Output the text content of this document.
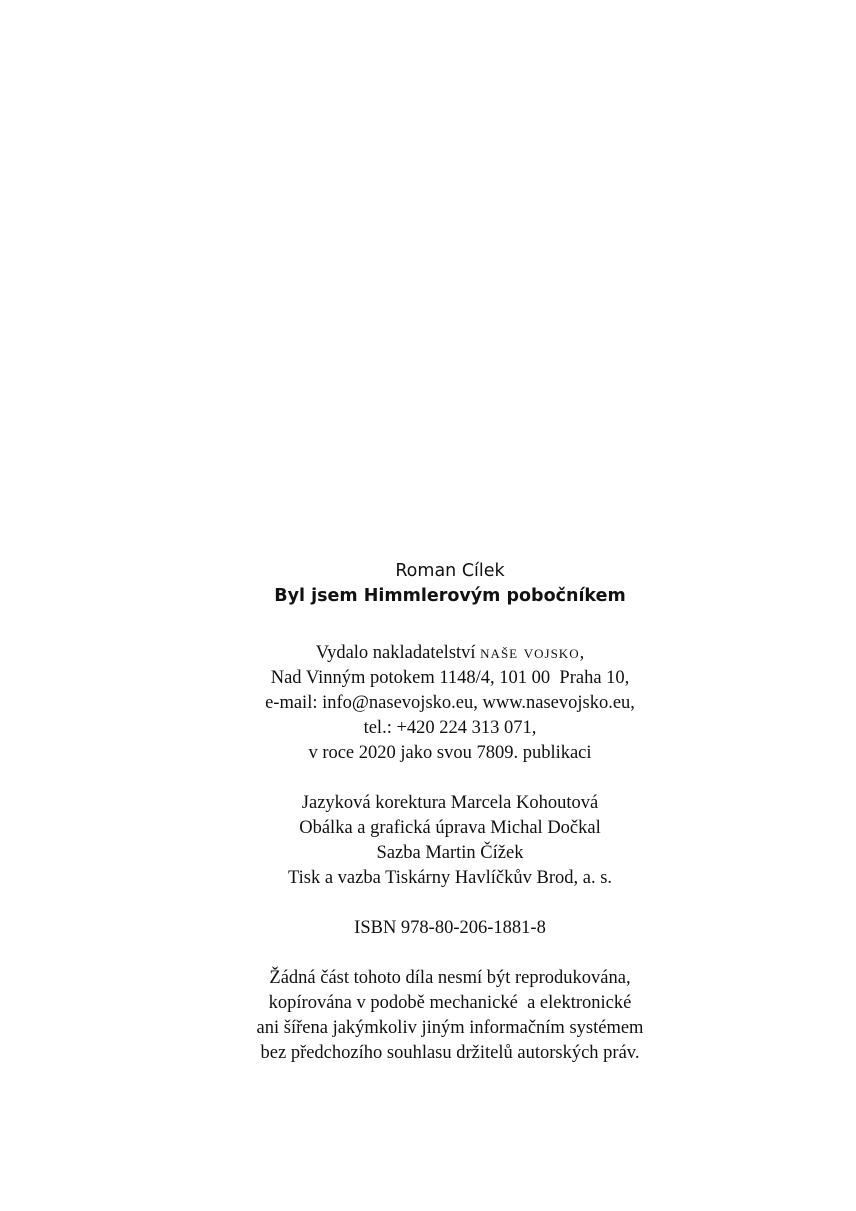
Roman Cílek
Byl jsem Himmlerovým pobočníkem
Vydalo nakladatelství naše vojsko,
Nad Vinným potokem 1148/4, 101 00  Praha 10,
e-mail: info@nasevojsko.eu, www.nasevojsko.eu,
tel.: +420 224 313 071,
v roce 2020 jako svou 7809. publikaci
Jazyková korektura Marcela Kohoutová
Obálka a grafická úprava Michal Dočkal
Sazba Martin Čížek
Tisk a vazba Tiskárny Havlíčkův Brod, a. s.
ISBN 978-80-206-1881-8
Žádná část tohoto díla nesmí být reprodukována,
kopírována v podobě mechanické  a elektronické
ani šířena jakýmkoliv jiným informačním systémem
bez předchozího souhlasu držitelů autorských práv.
